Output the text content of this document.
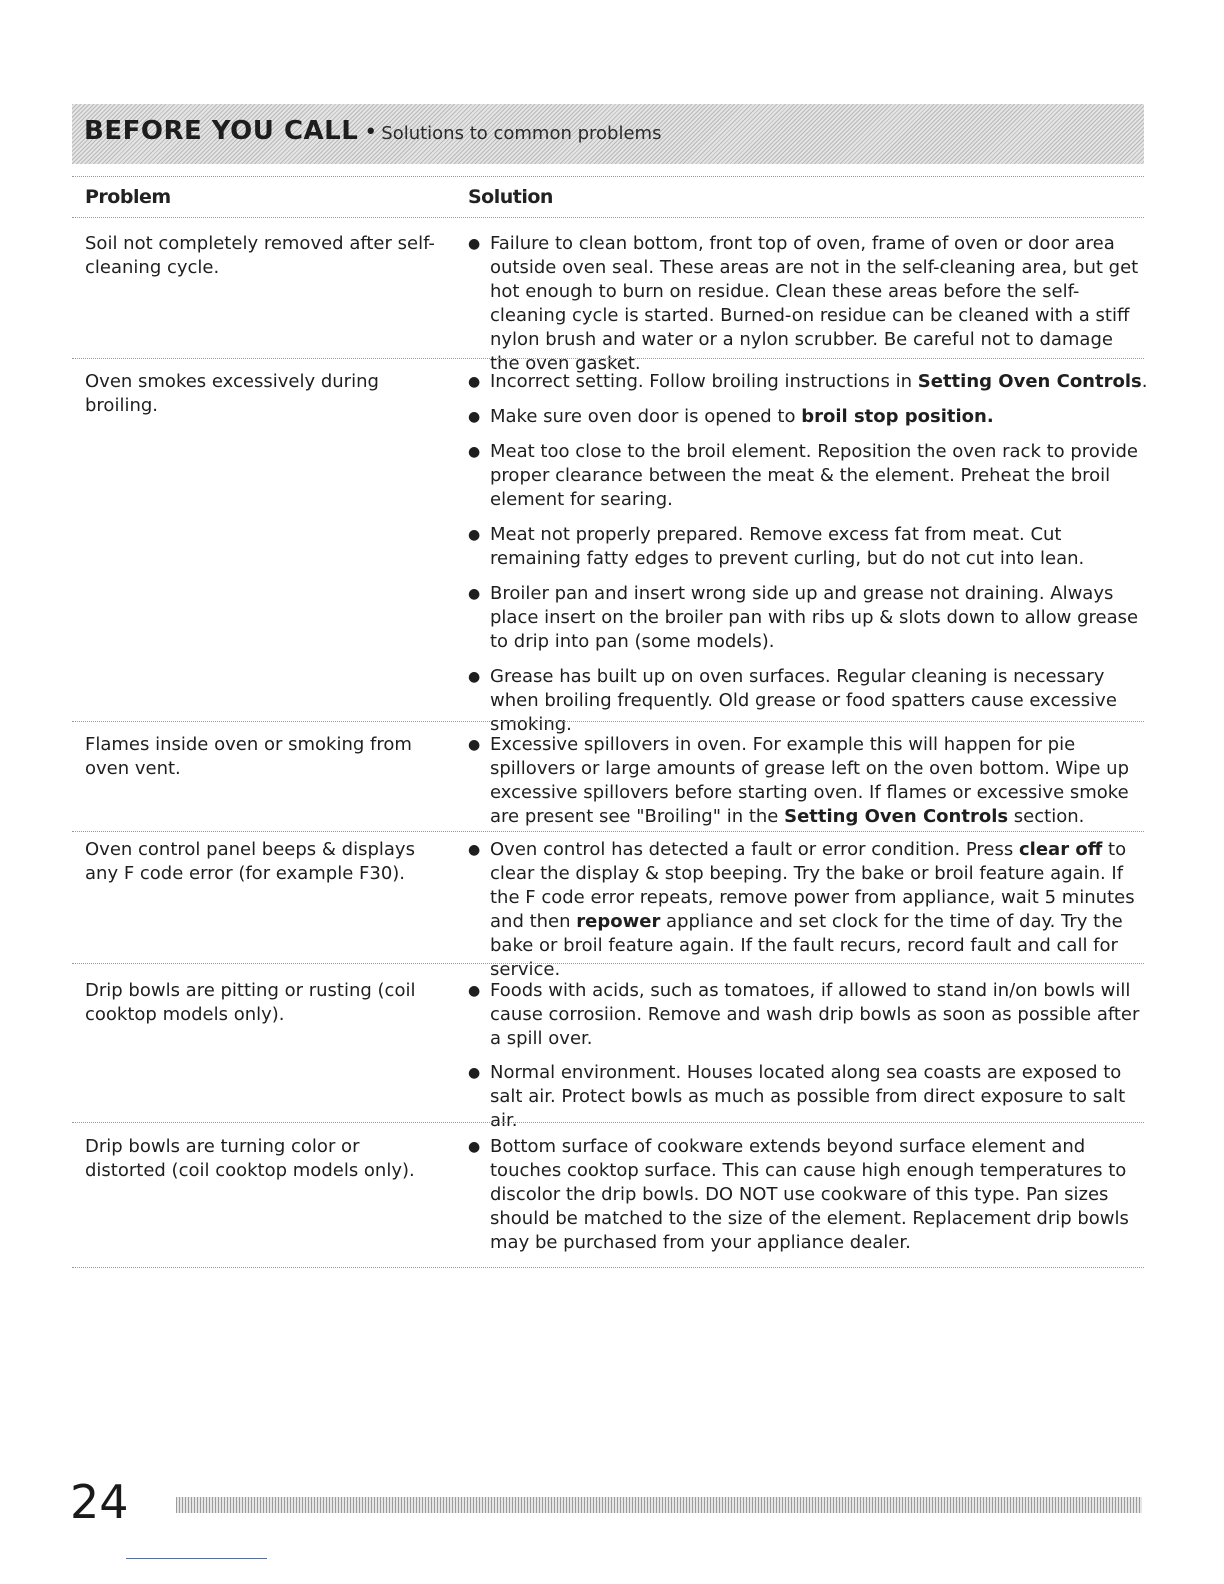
BEFORE YOU CALL • Solutions to common problems
Problem	Solution
Soil not completely removed after self-cleaning cycle.
● Failure to clean bottom, front top of oven, frame of oven or door area outside oven seal. These areas are not in the self-cleaning area, but get hot enough to burn on residue. Clean these areas before the self-cleaning cycle is started. Burned-on residue can be cleaned with a stiff nylon brush and water or a nylon scrubber. Be careful not to damage the oven gasket.
Oven smokes excessively during broiling.
● Incorrect setting. Follow broiling instructions in Setting Oven Controls.
● Make sure oven door is opened to broil stop position.
● Meat too close to the broil element. Reposition the oven rack to provide proper clearance between the meat & the element. Preheat the broil element for searing.
● Meat not properly prepared. Remove excess fat from meat. Cut remaining fatty edges to prevent curling, but do not cut into lean.
● Broiler pan and insert wrong side up and grease not draining. Always place insert on the broiler pan with ribs up & slots down to allow grease to drip into pan (some models).
● Grease has built up on oven surfaces. Regular cleaning is necessary when broiling frequently. Old grease or food spatters cause excessive smoking.
Flames inside oven or smoking from oven vent.
● Excessive spillovers in oven. For example this will happen for pie spillovers or large amounts of grease left on the oven bottom. Wipe up excessive spillovers before starting oven. If flames or excessive smoke are present see "Broiling" in the Setting Oven Controls section.
Oven control panel beeps & displays any F code error (for example F30).
● Oven control has detected a fault or error condition. Press clear off to clear the display & stop beeping. Try the bake or broil feature again. If the F code error repeats, remove power from appliance, wait 5 minutes and then repower appliance and set clock for the time of day. Try the bake or broil feature again. If the fault recurs, record fault and call for service.
Drip bowls are pitting or rusting (coil cooktop models only).
● Foods with acids, such as tomatoes, if allowed to stand in/on bowls will cause corrosiion. Remove and wash drip bowls as soon as possible after a spill over.
● Normal environment. Houses located along sea coasts are exposed to salt air. Protect bowls as much as possible from direct exposure to salt air.
Drip bowls are turning color or distorted (coil cooktop models only).
● Bottom surface of cookware extends beyond surface element and touches cooktop surface. This can cause high enough temperatures to discolor the drip bowls. DO NOT use cookware of this type. Pan sizes should be matched to the size of the element. Replacement drip bowls may be purchased from your appliance dealer.
24
